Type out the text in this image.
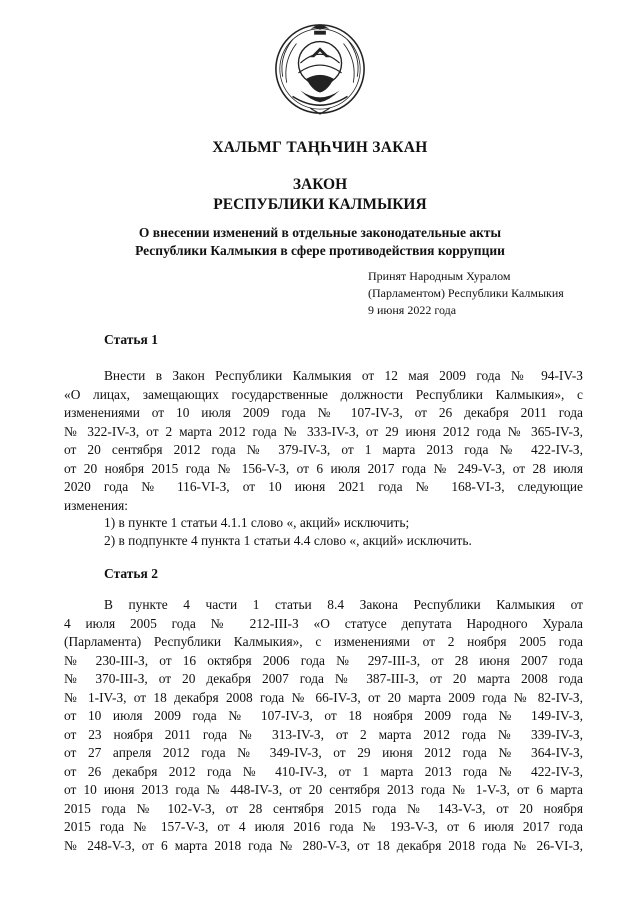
ХАЛЬМГ ТАҢҺЧИН ЗАКАН
ЗАКОН
РЕСПУБЛИКИ КАЛМЫКИЯ
О внесении изменений в отдельные законодательные акты
Республики Калмыкия в сфере противодействия коррупции
Принят Народным Хуралом
(Парламентом) Республики Калмыкия
9 июня 2022 года
Статья 1
Внести в Закон Республики Калмыкия от 12 мая 2009 года № 94-IV-З
«О лицах, замещающих государственные должности Республики Калмыкия», с
изменениями от 10 июля 2009 года № 107-IV-З, от 26 декабря 2011 года
№ 322-IV-З, от 2 марта 2012 года № 333-IV-З, от 29 июня 2012 года № 365-IV-З,
от 20 сентября 2012 года № 379-IV-З, от 1 марта 2013 года № 422-IV-З,
от 20 ноября 2015 года № 156-V-З, от 6 июля 2017 года № 249-V-З, от 28 июля
2020 года № 116-VI-З, от 10 июня 2021 года № 168-VI-З, следующие
изменения:
1) в пункте 1 статьи 4.1.1 слово «, акций» исключить;
2) в подпункте 4 пункта 1 статьи 4.4 слово «, акций» исключить.
Статья 2
В пункте 4 части 1 статьи 8.4 Закона Республики Калмыкия от
4 июля 2005 года № 212-III-З «О статусе депутата Народного Хурала
(Парламента) Республики Калмыкия», с изменениями от 2 ноября 2005 года
№ 230-III-З, от 16 октября 2006 года № 297-III-З, от 28 июня 2007 года
№ 370-III-З, от 20 декабря 2007 года № 387-III-З, от 20 марта 2008 года
№ 1-IV-З, от 18 декабря 2008 года № 66-IV-З, от 20 марта 2009 года № 82-IV-З,
от 10 июля 2009 года № 107-IV-З, от 18 ноября 2009 года № 149-IV-З,
от 23 ноября 2011 года № 313-IV-З, от 2 марта 2012 года № 339-IV-З,
от 27 апреля 2012 года № 349-IV-З, от 29 июня 2012 года № 364-IV-З,
от 26 декабря 2012 года № 410-IV-З, от 1 марта 2013 года № 422-IV-З,
от 10 июня 2013 года № 448-IV-З, от 20 сентября 2013 года № 1-V-З, от 6 марта
2015 года № 102-V-З, от 28 сентября 2015 года № 143-V-З, от 20 ноября
2015 года № 157-V-З, от 4 июля 2016 года № 193-V-З, от 6 июля 2017 года
№ 248-V-З, от 6 марта 2018 года № 280-V-З, от 18 декабря 2018 года № 26-VI-З,
